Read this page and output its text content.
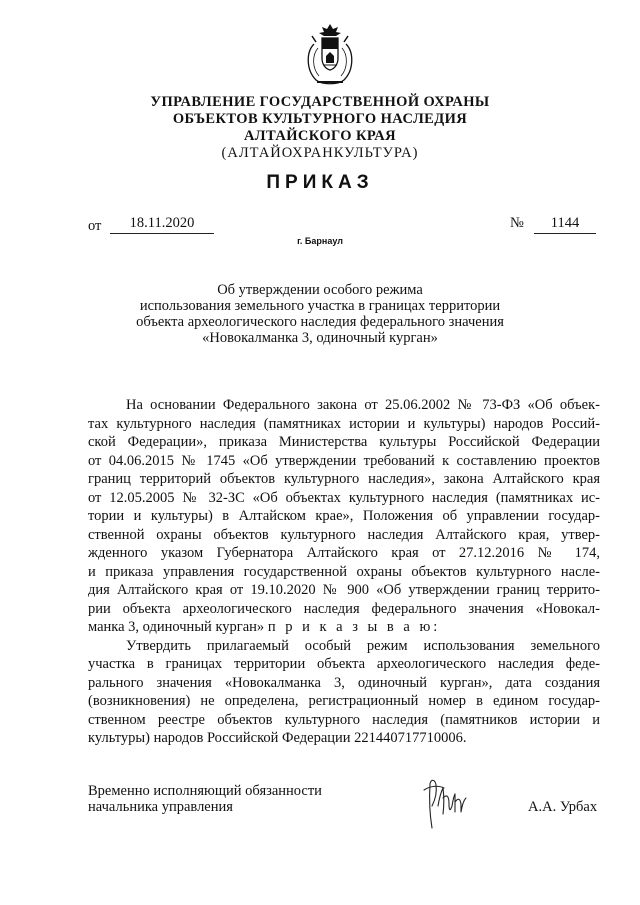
УПРАВЛЕНИЕ ГОСУДАРСТВЕННОЙ ОХРАНЫ
ОБЪЕКТОВ КУЛЬТУРНОГО НАСЛЕДИЯ
АЛТАЙСКОГО КРАЯ
(АЛТАЙОХРАНКУЛЬТУРА)
ПРИКАЗ
от	18.11.2020	№	1144
г. Барнаул
Об утверждении особого режима
использования земельного участка в границах территории
объекта археологического наследия федерального значения
«Новокалманка 3, одиночный курган»
На основании Федерального закона от 25.06.2002 № 73-ФЗ «Об объек-
тах культурного наследия (памятниках истории и культуры) народов Россий-
ской Федерации», приказа Министерства культуры Российской Федерации
от 04.06.2015 № 1745 «Об утверждении требований к составлению проектов
границ территорий объектов культурного наследия», закона Алтайского края
от 12.05.2005 № 32-ЗС «Об объектах культурного наследия (памятниках ис-
тории и культуры) в Алтайском крае», Положения об управлении государ-
ственной охраны объектов культурного наследия Алтайского края, утвер-
жденного указом Губернатора Алтайского края от 27.12.2016 № 174,
и приказа управления государственной охраны объектов культурного насле-
дия Алтайского края от 19.10.2020 № 900 «Об утверждении границ террито-
рии объекта археологического наследия федерального значения «Новокал-
манка 3, одиночный курган» п р и к а з ы в а ю:
Утвердить прилагаемый особый режим использования земельного
участка в границах территории объекта археологического наследия феде-
рального значения «Новокалманка 3, одиночный курган», дата создания
(возникновения) не определена, регистрационный номер в едином государ-
ственном реестре объектов культурного наследия (памятников истории и
культуры) народов Российской Федерации 221440717710006.
Временно исполняющий обязанности
начальника управления	А.А. Урбах
